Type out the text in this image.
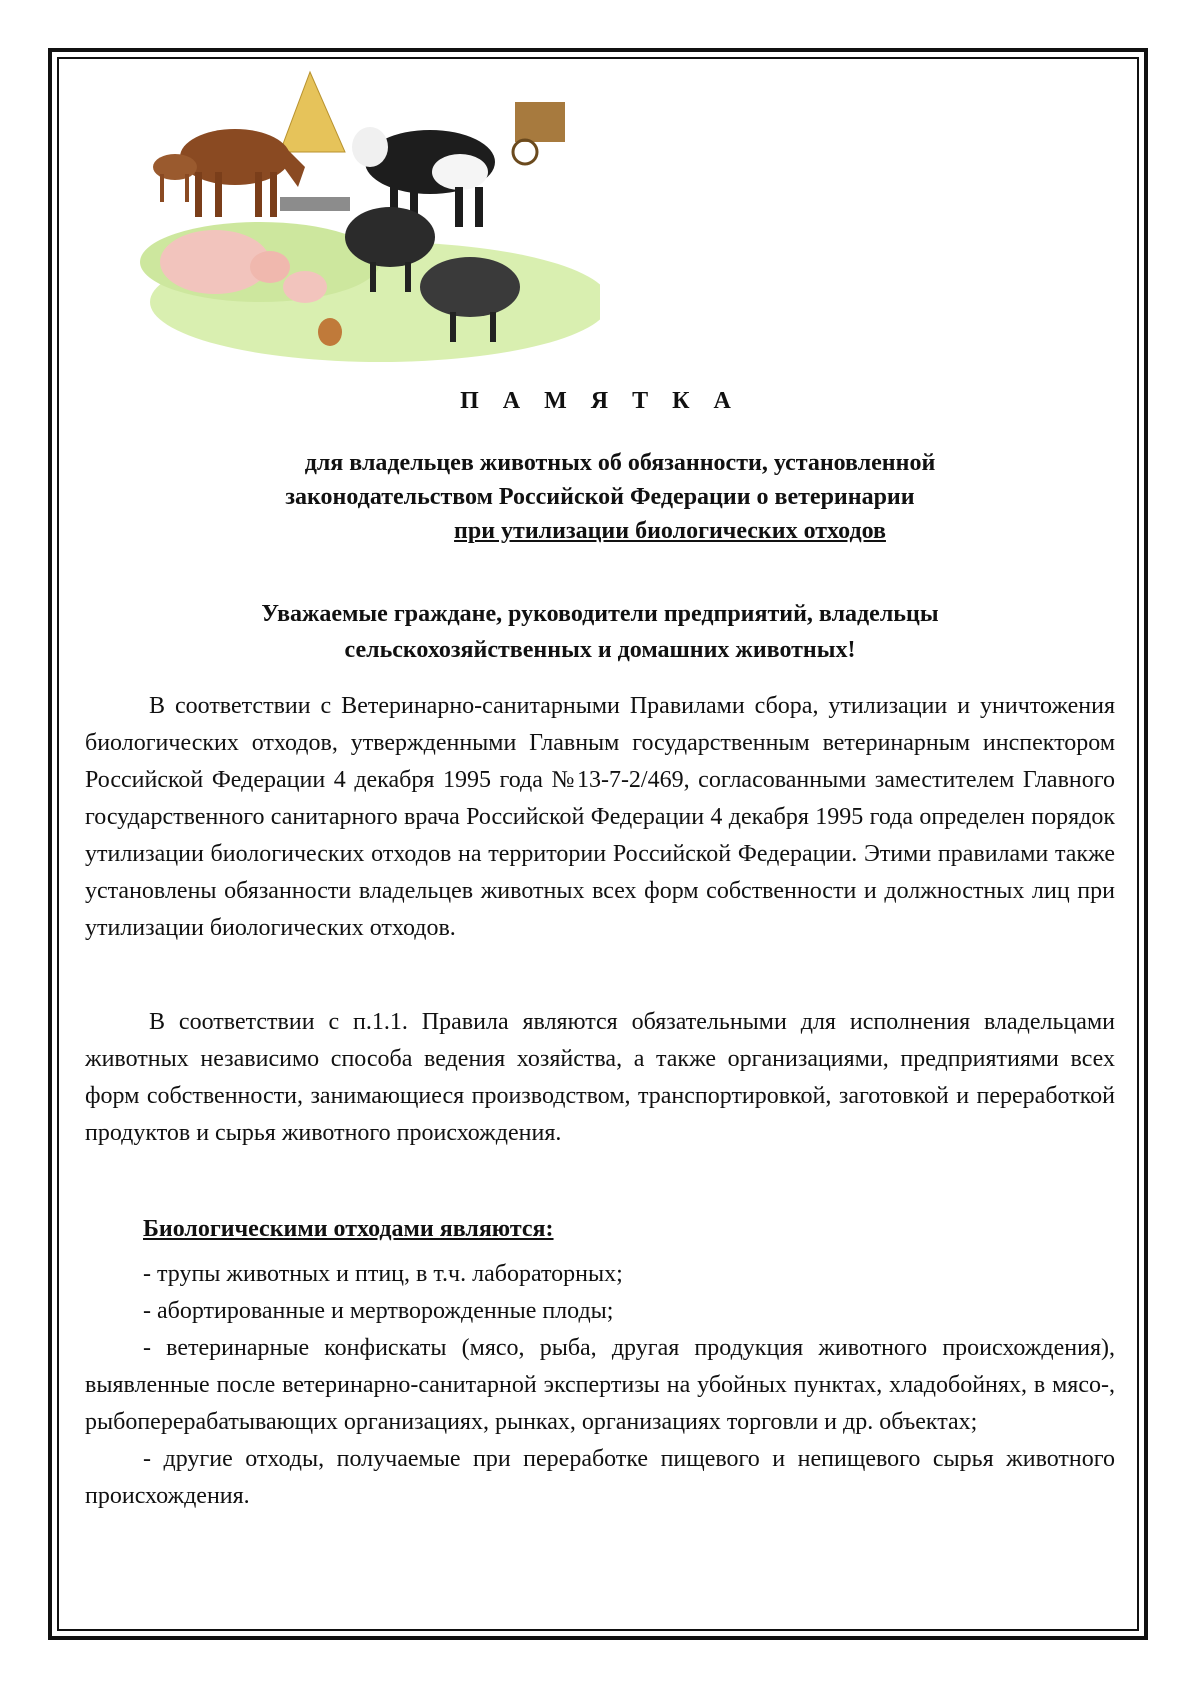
П А М Я Т К А
для владельцев животных об обязанности, установленной
законодательством Российской Федерации о ветеринарии
при утилизации биологических отходов
Уважаемые граждане, руководители предприятий, владельцы
сельскохозяйственных и домашних животных!

В соответствии с Ветеринарно-санитарными Правилами сбора, утилизации и уничтожения биологических отходов, утвержденными Главным государственным ветеринарным инспектором Российской Федерации 4 декабря 1995 года №13-7-2/469, согласованными заместителем Главного государственного санитарного врача Российской Федерации 4 декабря 1995 года определен порядок утилизации биологических отходов на территории Российской Федерации. Этими правилами также установлены обязанности владельцев животных всех форм собственности и должностных лиц при утилизации биологических отходов.

В соответствии с п.1.1. Правила являются обязательными для исполнения владельцами животных независимо способа ведения хозяйства, а также организациями, предприятиями всех форм собственности, занимающиеся производством, транспортировкой, заготовкой и переработкой продуктов и сырья животного происхождения.

Биологическими отходами являются:

- трупы животных и птиц, в т.ч. лабораторных;

- абортированные и мертворожденные плоды;

- ветеринарные конфискаты (мясо, рыба, другая продукция животного происхождения), выявленные после ветеринарно-санитарной экспертизы на убойных пунктах, хладобойнях, в мясо-, рыбоперерабатывающих организациях, рынках, организациях торговли и др. объектах;

- другие отходы, получаемые при переработке пищевого и непищевого сырья животного происхождения.
